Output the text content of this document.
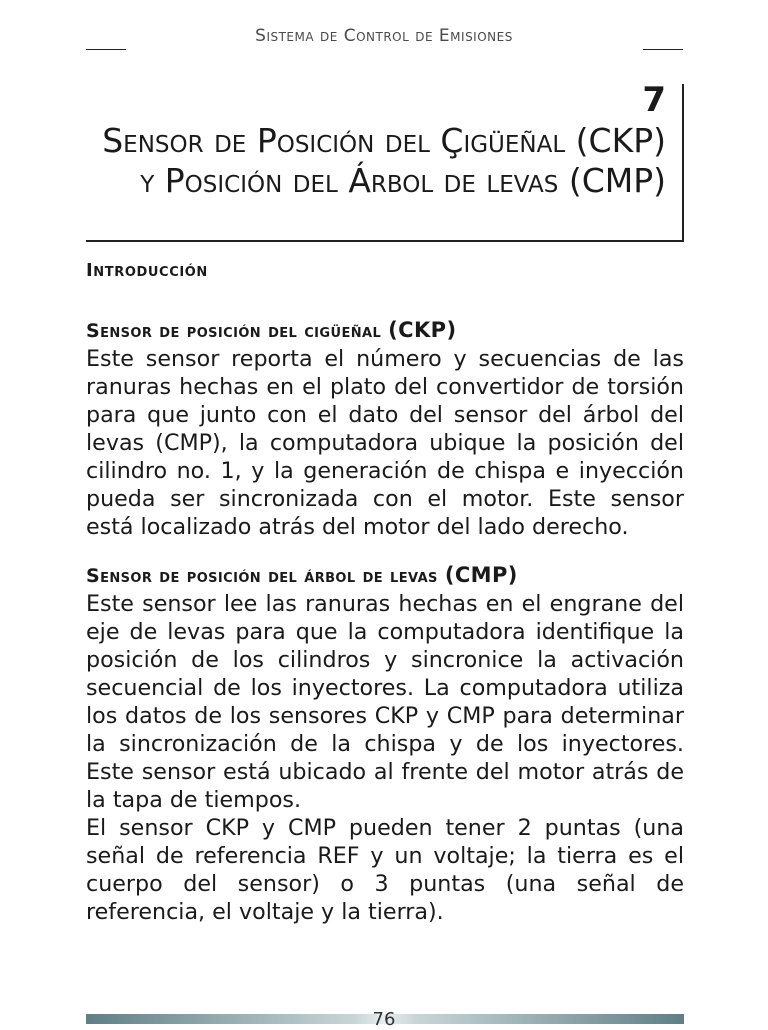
Sistema de Control de Emisiones
7
Sensor de Posición del Çigüeñal (CKP) y Posición del Árbol de levas (CMP)
Introducción
Sensor de posición del cigüeñal (CKP)

Este sensor reporta el número y secuencias de las ranuras hechas en el plato del convertidor de torsión para que junto con el dato del sensor del árbol del levas (CMP), la computadora ubique la posición del cilindro no. 1, y la generación de chispa e inyección pueda ser sincronizada con el motor. Este sensor está localizado atrás del motor del lado derecho.

Sensor de posición del árbol de levas (CMP)

Este sensor lee las ranuras hechas en el engrane del eje de levas para que la computadora identifique la posición de los cilindros y sincronice la activación secuencial de los inyectores. La computadora utiliza los datos de los sensores CKP y CMP para determinar la sincronización de la chispa y de los inyectores. Este sensor está ubicado al frente del motor atrás de la tapa de tiempos.

El sensor CKP y CMP pueden tener 2 puntas (una señal de referencia REF y un voltaje; la tierra es el cuerpo del sensor) o 3 puntas (una señal de referencia, el voltaje y la tierra).

76
